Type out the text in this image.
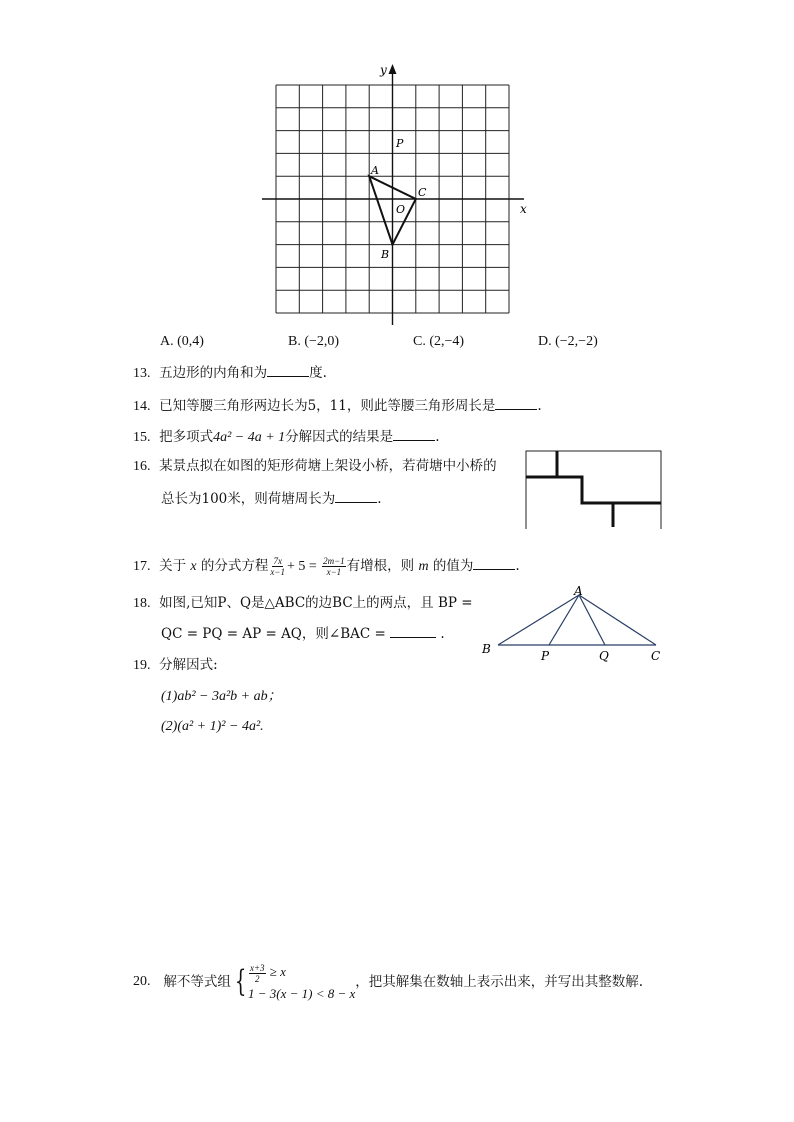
y
x
A
P
C
O
B
A. (0,4)	B. (−2,0)	C. (2,−4)	D. (−2,−2)
13. 五边形的内角和为	度.
14. 已知等腰三角形两边长为5，11，则此等腰三角形周长是	.
15. 把多项式4a² − 4a + 1分解因式的结果是	.
16. 某景点拟在如图的矩形荷塘上架设小桥，若荷塘中小桥的
总长为100米，则荷塘周长为	.
17. 关于 x 的分式方程 $\frac{7x}{x-1} + 5 = \frac{2m-1}{x-1}$ 有增根，则 m 的值为	.
18. 如图,已知P、Q是△ABC的边BC上的两点，且 BP =
QC = PQ = AP = AQ，则∠BAC =	.
A
B	P	Q	C
19. 分解因式:
(1)ab² − 3a²b + ab；
(2)(a² + 1)² − 4a².
20.
解不等式组 { $\frac{x+3}{2} \ge x$
1 − 3(x − 1) < 8 − x
，把其解集在数轴上表示出来，并写出其整数解.
